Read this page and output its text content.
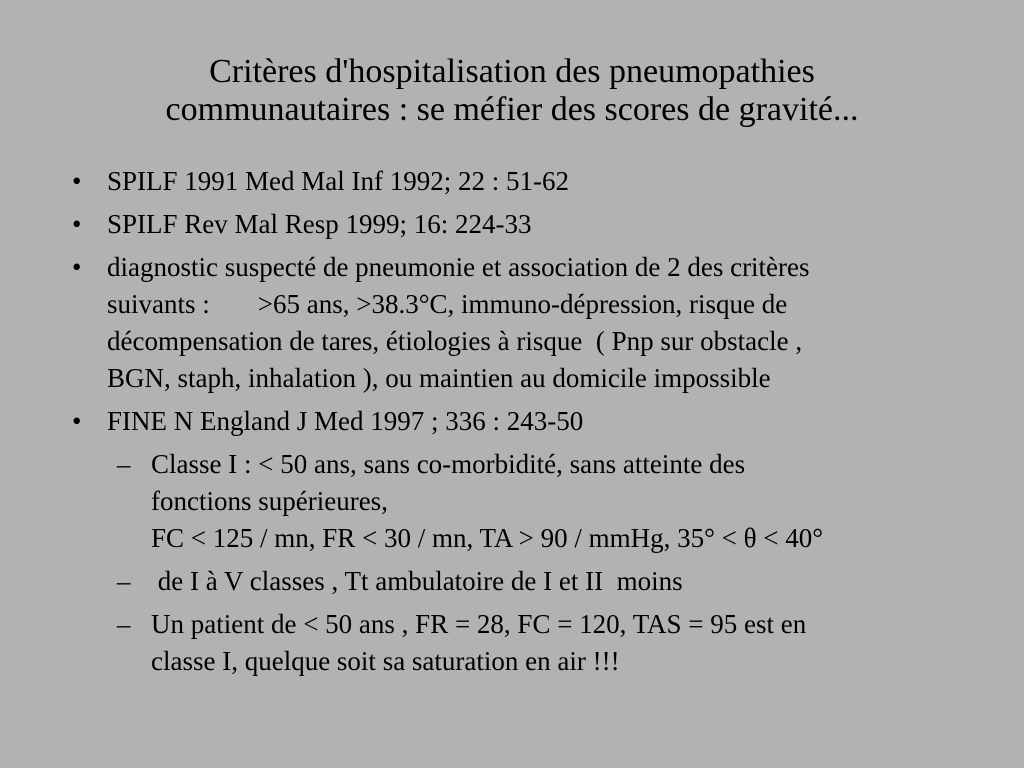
Critères d'hospitalisation des pneumopathies
communautaires : se méfier des scores de gravité...
• SPILF 1991 Med Mal Inf 1992; 22 : 51-62
• SPILF Rev Mal Resp 1999; 16: 224-33
• diagnostic suspecté de pneumonie et association de 2 des critères
suivants : >65 ans, >38.3°C, immuno-dépression, risque de
décompensation de tares, étiologies à risque  ( Pnp sur obstacle ,
BGN, staph, inhalation ), ou maintien au domicile impossible
• FINE N England J Med 1997 ; 336 : 243-50
– Classe I : < 50 ans, sans co-morbidité, sans atteinte des
fonctions supérieures,
FC < 125 / mn, FR < 30 / mn, TA > 90 / mmHg, 35° < θ < 40°
– de I à V classes , Tt ambulatoire de I et II  moins
– Un patient de < 50 ans , FR = 28, FC = 120, TAS = 95 est en
classe I, quelque soit sa saturation en air !!!
